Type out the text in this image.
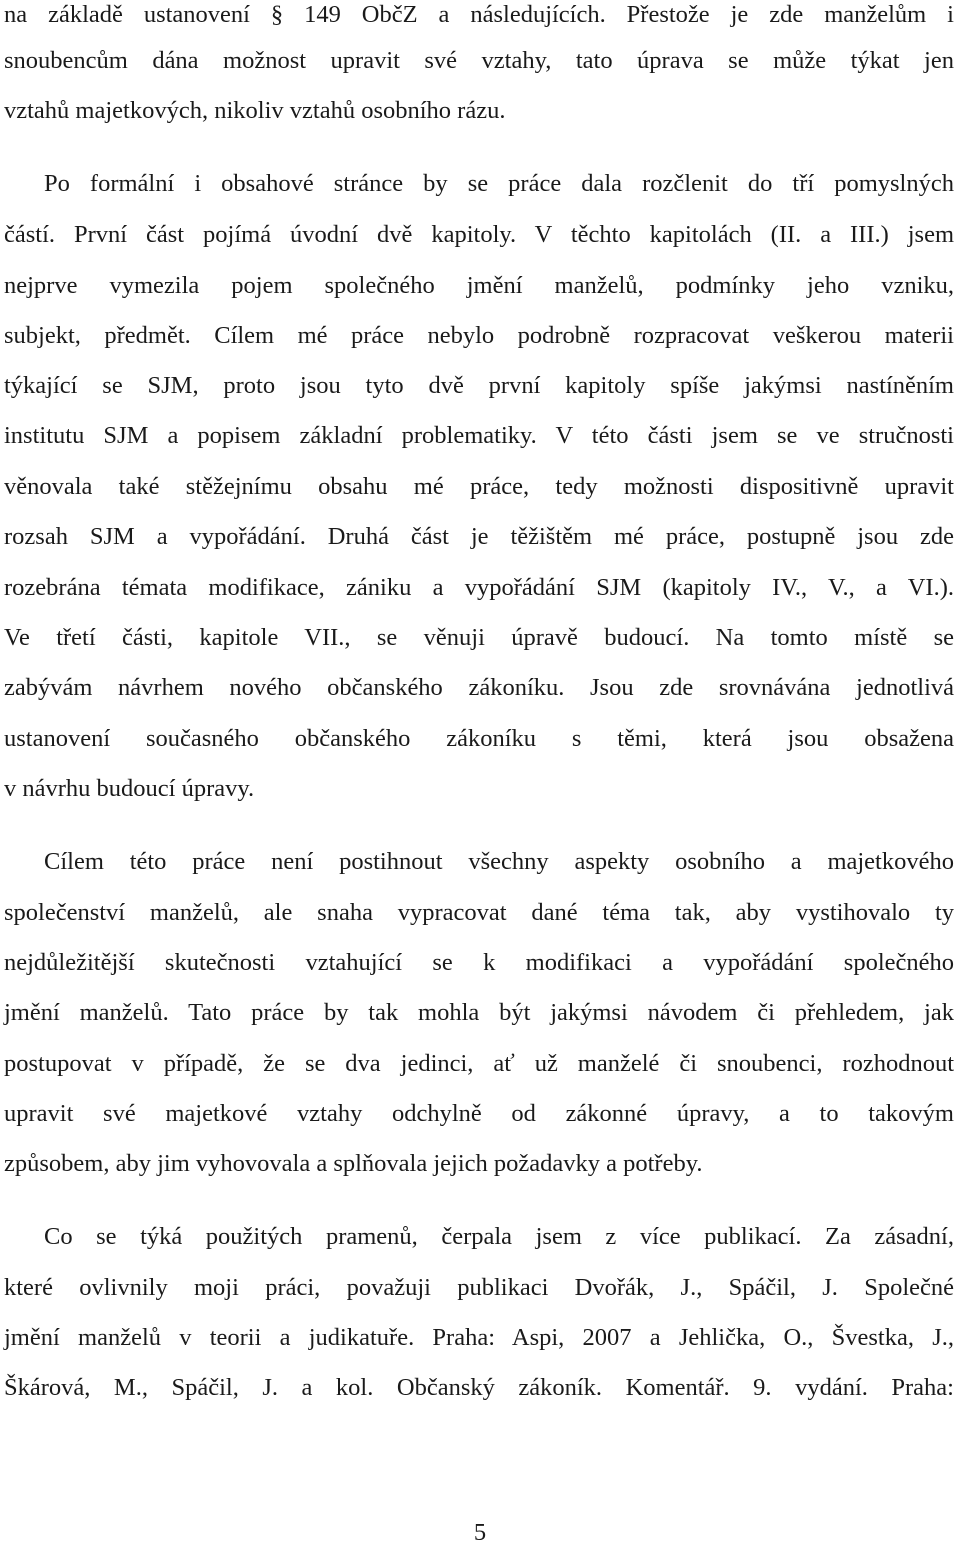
na základě ustanovení § 149 ObčZ a následujících. Přestože je zde manželům i
snoubencům dána možnost upravit své vztahy, tato úprava se může týkat jen
vztahů majetkových, nikoliv vztahů osobního rázu.
Po formální i obsahové stránce by se práce dala rozčlenit do tří pomyslných
částí. První část pojímá úvodní dvě kapitoly. V těchto kapitolách (II. a III.) jsem
nejprve vymezila pojem společného jmění manželů, podmínky jeho vzniku,
subjekt, předmět. Cílem mé práce nebylo podrobně rozpracovat veškerou materii
týkající se SJM, proto jsou tyto dvě první kapitoly spíše jakýmsi nastíněním
institutu SJM a popisem základní problematiky. V této části jsem se ve stručnosti
věnovala také stěžejnímu obsahu mé práce, tedy možnosti dispositivně upravit
rozsah SJM a vypořádání. Druhá část je těžištěm mé práce, postupně jsou zde
rozebrána témata modifikace, zániku a vypořádání SJM (kapitoly IV., V., a VI.).
Ve třetí části, kapitole VII., se věnuji úpravě budoucí. Na tomto místě se
zabývám návrhem nového občanského zákoníku. Jsou zde srovnávána jednotlivá
ustanovení současného občanského zákoníku s těmi, která jsou obsažena
v návrhu budoucí úpravy.
Cílem této práce není postihnout všechny aspekty osobního a majetkového
společenství manželů, ale snaha vypracovat dané téma tak, aby vystihovalo ty
nejdůležitější skutečnosti vztahující se k modifikaci a vypořádání společného
jmění manželů. Tato práce by tak mohla být jakýmsi návodem či přehledem, jak
postupovat v případě, že se dva jedinci, ať už manželé či snoubenci, rozhodnout
upravit své majetkové vztahy odchylně od zákonné úpravy, a to takovým
způsobem, aby jim vyhovovala a splňovala jejich požadavky a potřeby.
Co se týká použitých pramenů, čerpala jsem z více publikací. Za zásadní,
které ovlivnily moji práci, považuji publikaci Dvořák, J., Spáčil, J. Společné
jmění manželů v teorii a judikatuře. Praha: Aspi, 2007 a Jehlička, O., Švestka, J.,
Škárová, M., Spáčil, J. a kol. Občanský zákoník. Komentář. 9. vydání. Praha:
5
